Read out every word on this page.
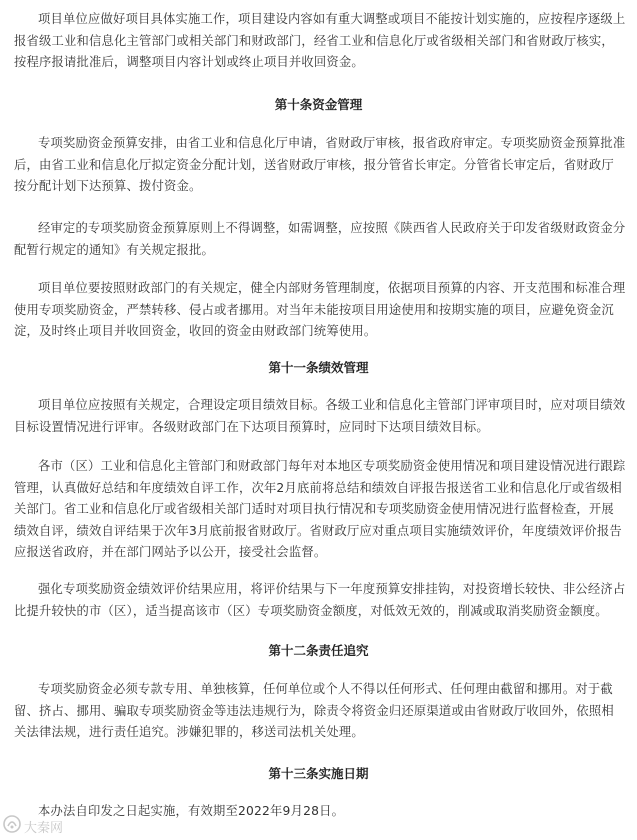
项目单位应做好项目具体实施工作，项目建设内容如有重大调整或项目不能按计划实施的，应按程序逐级上报省级工业和信息化主管部门或相关部门和财政部门，经省工业和信息化厅或省级相关部门和省财政厅核实，按程序报请批准后，调整项目内容计划或终止项目并收回资金。

第十条资金管理

专项奖励资金预算安排，由省工业和信息化厅申请，省财政厅审核，报省政府审定。专项奖励资金预算批准后，由省工业和信息化厅拟定资金分配计划，送省财政厅审核，报分管省长审定。分管省长审定后，省财政厅按分配计划下达预算、拨付资金。

经审定的专项奖励资金预算原则上不得调整，如需调整，应按照《陕西省人民政府关于印发省级财政资金分配暂行规定的通知》有关规定报批。

项目单位要按照财政部门的有关规定，健全内部财务管理制度，依据项目预算的内容、开支范围和标准合理使用专项奖励资金，严禁转移、侵占或者挪用。对当年未能按项目用途使用和按期实施的项目，应避免资金沉淀，及时终止项目并收回资金，收回的资金由财政部门统筹使用。

第十一条绩效管理

项目单位应按照有关规定，合理设定项目绩效目标。各级工业和信息化主管部门评审项目时，应对项目绩效目标设置情况进行评审。各级财政部门在下达项目预算时，应同时下达项目绩效目标。

各市（区）工业和信息化主管部门和财政部门每年对本地区专项奖励资金使用情况和项目建设情况进行跟踪管理，认真做好总结和年度绩效自评工作，次年2月底前将总结和绩效自评报告报送省工业和信息化厅或省级相关部门。省工业和信息化厅或省级相关部门适时对项目执行情况和专项奖励资金使用情况进行监督检查，开展绩效自评，绩效自评结果于次年3月底前报省财政厅。省财政厅应对重点项目实施绩效评价，年度绩效评价报告应报送省政府，并在部门网站予以公开，接受社会监督。

强化专项奖励资金绩效评价结果应用，将评价结果与下一年度预算安排挂钩，对投资增长较快、非公经济占比提升较快的市（区），适当提高该市（区）专项奖励资金额度，对低效无效的，削减或取消奖励资金额度。

第十二条责任追究

专项奖励资金必须专款专用、单独核算，任何单位或个人不得以任何形式、任何理由截留和挪用。对于截留、挤占、挪用、骗取专项奖励资金等违法违规行为，除责令将资金归还原渠道或由省财政厅收回外，依照相关法律法规，进行责任追究。涉嫌犯罪的，移送司法机关处理。

第十三条实施日期

本办法自印发之日起实施，有效期至2022年9月28日。

大秦网
